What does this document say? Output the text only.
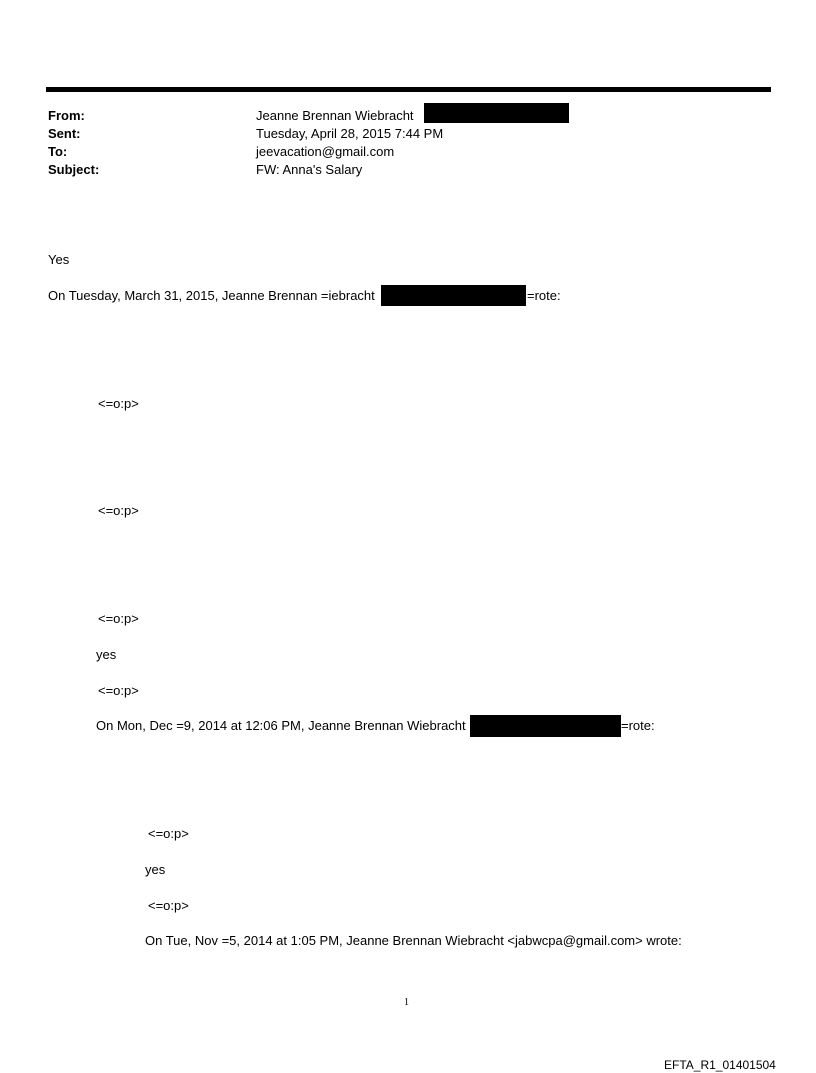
From:	Jeanne Brennan Wiebracht
Sent:	Tuesday, April 28, 2015 7:44 PM
To:	jeevacation@gmail.com
Subject:	FW: Anna's Salary
Yes
On Tuesday, March 31, 2015, Jeanne Brennan =iebracht	=rote:
<=o:p>
<=o:p>
<=o:p>
yes
<=o:p>
On Mon, Dec =9, 2014 at 12:06 PM, Jeanne Brennan Wiebracht	=rote:
<=o:p>
yes
<=o:p>
On Tue, Nov =5, 2014 at 1:05 PM, Jeanne Brennan Wiebracht <jabwcpa@gmail.com> wrote:
1
EFTA_R1_01401504
